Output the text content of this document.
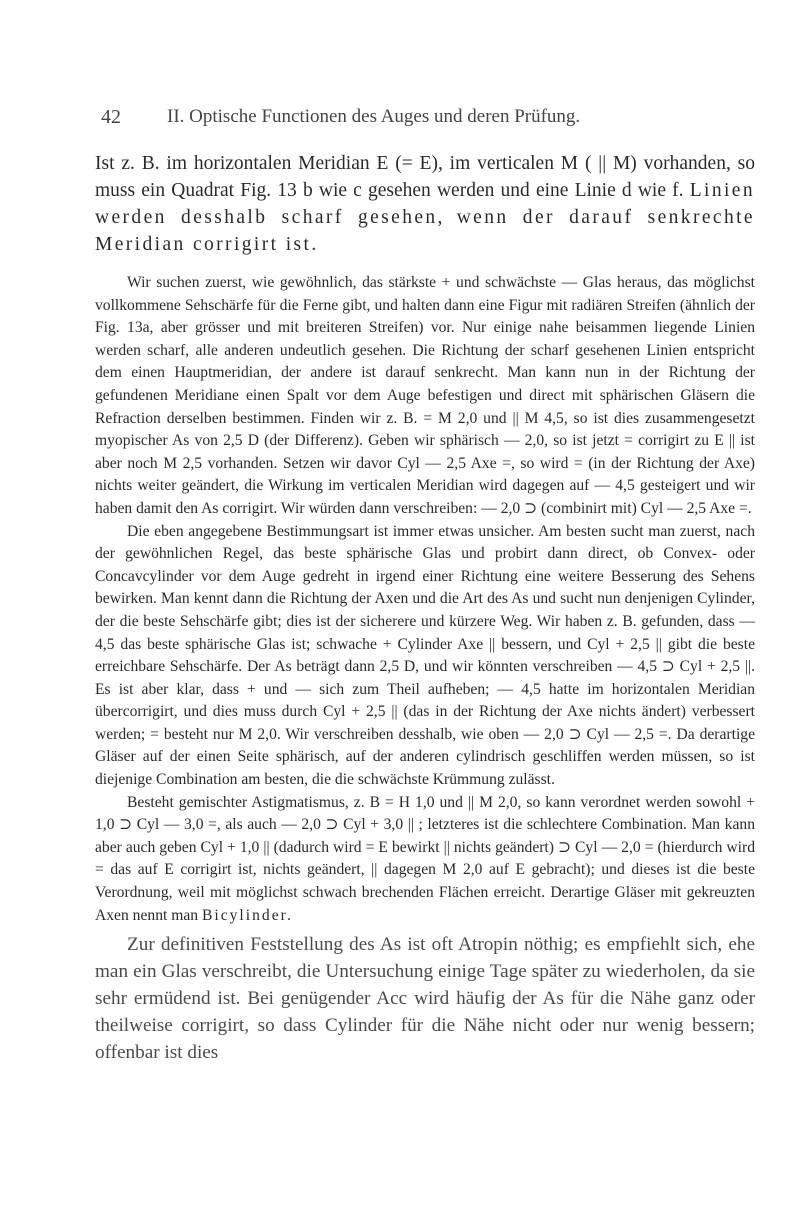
42 II. Optische Functionen des Auges und deren Prüfung.
Ist z. B. im horizontalen Meridian E (= E), im verticalen M ( || M) vorhanden, so muss ein Quadrat Fig. 13 b wie c gesehen werden und eine Linie d wie f. Linien werden desshalb scharf gesehen, wenn der darauf senkrechte Meridian corrigirt ist.

Wir suchen zuerst, wie gewöhnlich, das stärkste + und schwächste — Glas heraus, das möglichst vollkommene Sehschärfe für die Ferne gibt, und halten dann eine Figur mit radiären Streifen (ähnlich der Fig. 13a, aber grösser und mit breiteren Streifen) vor. Nur einige nahe beisammen liegende Linien werden scharf, alle anderen undeutlich gesehen. Die Richtung der scharf gesehenen Linien entspricht dem einen Hauptmeridian, der andere ist darauf senkrecht. Man kann nun in der Richtung der gefundenen Meridiane einen Spalt vor dem Auge befestigen und direct mit sphärischen Gläsern die Refraction derselben bestimmen. Finden wir z. B. = M 2,0 und || M 4,5, so ist dies zusammengesetzt myopischer As von 2,5 D (der Differenz). Geben wir sphärisch — 2,0, so ist jetzt = corrigirt zu E || ist aber noch M 2,5 vorhanden. Setzen wir davor Cyl — 2,5 Axe =, so wird = (in der Richtung der Axe) nichts weiter geändert, die Wirkung im verticalen Meridian wird dagegen auf — 4,5 gesteigert und wir haben damit den As corrigirt. Wir würden dann verschreiben: — 2,0 ⊃ (combinirt mit) Cyl — 2,5 Axe =.

Die eben angegebene Bestimmungsart ist immer etwas unsicher. Am besten sucht man zuerst, nach der gewöhnlichen Regel, das beste sphärische Glas und probirt dann direct, ob Convex- oder Concavcylinder vor dem Auge gedreht in irgend einer Richtung eine weitere Besserung des Sehens bewirken. Man kennt dann die Richtung der Axen und die Art des As und sucht nun denjenigen Cylinder, der die beste Sehschärfe gibt; dies ist der sicherere und kürzere Weg. Wir haben z. B. gefunden, dass — 4,5 das beste sphärische Glas ist; schwache + Cylinder Axe || bessern, und Cyl + 2,5 || gibt die beste erreichbare Sehschärfe. Der As beträgt dann 2,5 D, und wir könnten verschreiben — 4,5 ⊃ Cyl + 2,5 ||. Es ist aber klar, dass + und — sich zum Theil aufheben; — 4,5 hatte im horizontalen Meridian übercorrigirt, und dies muss durch Cyl + 2,5 || (das in der Richtung der Axe nichts ändert) verbessert werden; = besteht nur M 2,0. Wir verschreiben desshalb, wie oben — 2,0 ⊃ Cyl — 2,5 =. Da derartige Gläser auf der einen Seite sphärisch, auf der anderen cylindrisch geschliffen werden müssen, so ist diejenige Combination am besten, die die schwächste Krümmung zulässt.

Besteht gemischter Astigmatismus, z. B = H 1,0 und || M 2,0, so kann verordnet werden sowohl + 1,0 ⊃ Cyl — 3,0 =, als auch — 2,0 ⊃ Cyl + 3,0 || ; letzteres ist die schlechtere Combination. Man kann aber auch geben Cyl + 1,0 || (dadurch wird = E bewirkt || nichts geändert) ⊃ Cyl — 2,0 = (hierdurch wird = das auf E corrigirt ist, nichts geändert, || dagegen M 2,0 auf E gebracht); und dieses ist die beste Verordnung, weil mit möglichst schwach brechenden Flächen erreicht. Derartige Gläser mit gekreuzten Axen nennt man Bicylinder.

Zur definitiven Feststellung des As ist oft Atropin nöthig; es empfiehlt sich, ehe man ein Glas verschreibt, die Untersuchung einige Tage später zu wiederholen, da sie sehr ermüdend ist. Bei genügender Acc wird häufig der As für die Nähe ganz oder theilweise corrigirt, so dass Cylinder für die Nähe nicht oder nur wenig bessern; offenbar ist dies
